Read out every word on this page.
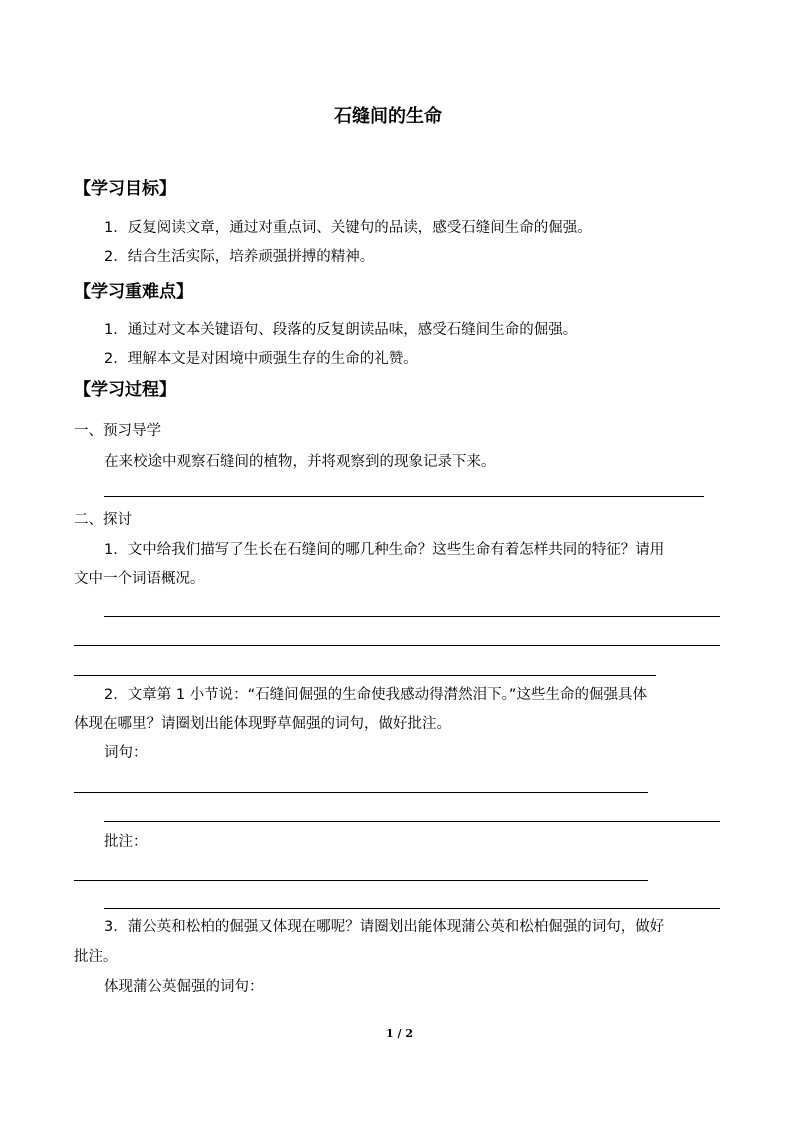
石缝间的生命
【学习目标】
1．反复阅读文章，通过对重点词、关键句的品读，感受石缝间生命的倔强。
2．结合生活实际，培养顽强拼搏的精神。
【学习重难点】
1．通过对文本关键语句、段落的反复朗读品味，感受石缝间生命的倔强。
2．理解本文是对困境中顽强生存的生命的礼赞。
【学习过程】
一、预习导学
在来校途中观察石缝间的植物，并将观察到的现象记录下来。
二、探讨
1．文中给我们描写了生长在石缝间的哪几种生命？这些生命有着怎样共同的特征？请用
文中一个词语概况。
2．文章第 1 小节说：“石缝间倔强的生命使我感动得潸然泪下。”这些生命的倔强具体
体现在哪里？请圈划出能体现野草倔强的词句，做好批注。
词句：
批注：
3．蒲公英和松柏的倔强又体现在哪呢？请圈划出能体现蒲公英和松柏倔强的词句，做好
批注。
体现蒲公英倔强的词句：
1 / 2
